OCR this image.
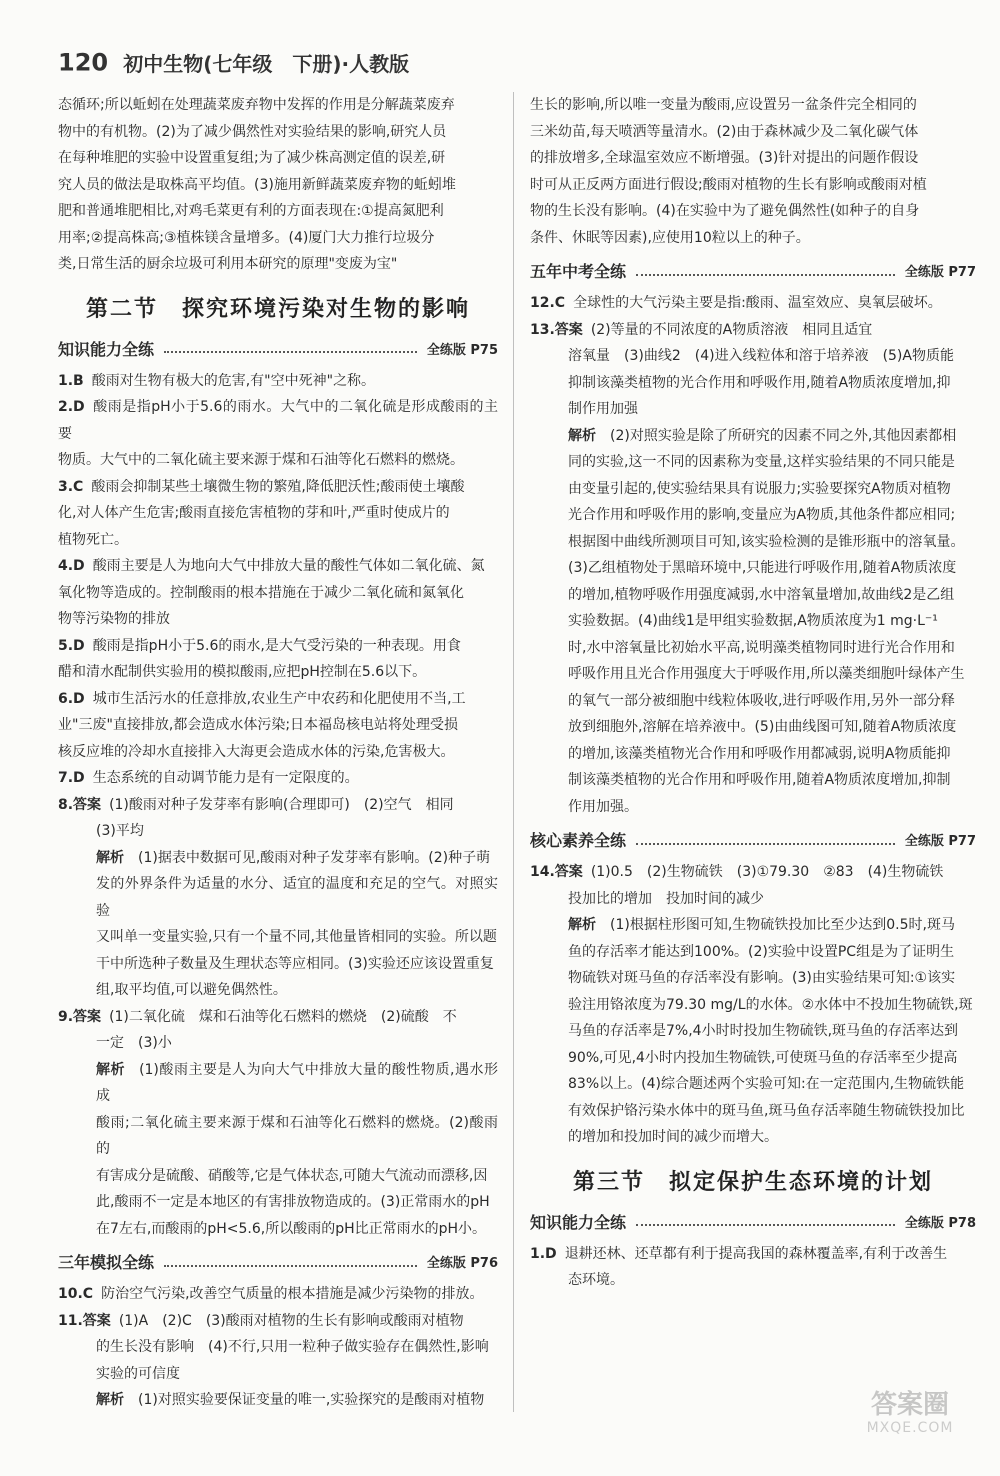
120 初中生物(七年级　下册)·人教版

态循环;所以蚯蚓在处理蔬菜废弃物中发挥的作用是分解蔬菜废弃

物中的有机物。(2)为了减少偶然性对实验结果的影响,研究人员

在每种堆肥的实验中设置重复组;为了减少株高测定值的误差,研

究人员的做法是取株高平均值。(3)施用新鲜蔬菜废弃物的蚯蚓堆

肥和普通堆肥相比,对鸡毛菜更有利的方面表现在:①提高氮肥利

用率;②提高株高;③植株镁含量增多。(4)厦门大力推行垃圾分

类,日常生活的厨余垃圾可利用本研究的原理"变废为宝"

第二节 探究环境污染对生物的影响
知识能力全练	全练版 P75

1.B 酸雨对生物有极大的危害,有"空中死神"之称。

2.D 酸雨是指pH小于5.6的雨水。大气中的二氧化硫是形成酸雨的主要

物质。大气中的二氧化硫主要来源于煤和石油等化石燃料的燃烧。

3.C 酸雨会抑制某些土壤微生物的繁殖,降低肥沃性;酸雨使土壤酸

化,对人体产生危害;酸雨直接危害植物的芽和叶,严重时使成片的

植物死亡。

4.D 酸雨主要是人为地向大气中排放大量的酸性气体如二氧化硫、氮

氧化物等造成的。控制酸雨的根本措施在于减少二氧化硫和氮氧化

物等污染物的排放

5.D 酸雨是指pH小于5.6的雨水,是大气受污染的一种表现。用食

醋和清水配制供实验用的模拟酸雨,应把pH控制在5.6以下。

6.D 城市生活污水的任意排放,农业生产中农药和化肥使用不当,工

业"三废"直接排放,都会造成水体污染;日本福岛核电站将处理受损

核反应堆的冷却水直接排入大海更会造成水体的污染,危害极大。

7.D 生态系统的自动调节能力是有一定限度的。

8.答案 (1)酸雨对种子发芽率有影响(合理即可)　(2)空气　相同

(3)平均

解析 (1)据表中数据可见,酸雨对种子发芽率有影响。(2)种子萌

发的外界条件为适量的水分、适宜的温度和充足的空气。对照实验

又叫单一变量实验,只有一个量不同,其他量皆相同的实验。所以题

干中所选种子数量及生理状态等应相同。(3)实验还应该设置重复

组,取平均值,可以避免偶然性。

9.答案 (1)二氧化硫　煤和石油等化石燃料的燃烧　(2)硫酸　不

一定　(3)小

解析 (1)酸雨主要是人为向大气中排放大量的酸性物质,遇水形成

酸雨;二氧化硫主要来源于煤和石油等化石燃料的燃烧。(2)酸雨的

有害成分是硫酸、硝酸等,它是气体状态,可随大气流动而漂移,因

此,酸雨不一定是本地区的有害排放物造成的。(3)正常雨水的pH

在7左右,而酸雨的pH<5.6,所以酸雨的pH比正常雨水的pH小。

三年模拟全练	全练版 P76

10.C 防治空气污染,改善空气质量的根本措施是减少污染物的排放。

11.答案 (1)A　(2)C　(3)酸雨对植物的生长有影响或酸雨对植物

的生长没有影响　(4)不行,只用一粒种子做实验存在偶然性,影响

实验的可信度

解析 (1)对照实验要保证变量的唯一,实验探究的是酸雨对植物

生长的影响,所以唯一变量为酸雨,应设置另一盆条件完全相同的

三米幼苗,每天喷洒等量清水。(2)由于森林减少及二氧化碳气体

的排放增多,全球温室效应不断增强。(3)针对提出的问题作假设

时可从正反两方面进行假设;酸雨对植物的生长有影响或酸雨对植

物的生长没有影响。(4)在实验中为了避免偶然性(如种子的自身

条件、休眠等因素),应使用10粒以上的种子。

五年中考全练	全练版 P77

12.C 全球性的大气污染主要是指:酸雨、温室效应、臭氧层破坏。

13.答案 (2)等量的不同浓度的A物质溶液　相同且适宜

溶氧量　(3)曲线2　(4)进入线粒体和溶于培养液　(5)A物质能

抑制该藻类植物的光合作用和呼吸作用,随着A物质浓度增加,抑

制作用加强

解析 (2)对照实验是除了所研究的因素不同之外,其他因素都相

同的实验,这一不同的因素称为变量,这样实验结果的不同只能是

由变量引起的,使实验结果具有说服力;实验要探究A物质对植物

光合作用和呼吸作用的影响,变量应为A物质,其他条件都应相同;

根据图中曲线所测项目可知,该实验检测的是锥形瓶中的溶氧量。

(3)乙组植物处于黑暗环境中,只能进行呼吸作用,随着A物质浓度

的增加,植物呼吸作用强度减弱,水中溶氧量增加,故曲线2是乙组

实验数据。(4)曲线1是甲组实验数据,A物质浓度为1 mg·L⁻¹

时,水中溶氧量比初始水平高,说明藻类植物同时进行光合作用和

呼吸作用且光合作用强度大于呼吸作用,所以藻类细胞叶绿体产生

的氧气一部分被细胞中线粒体吸收,进行呼吸作用,另外一部分释

放到细胞外,溶解在培养液中。(5)由曲线图可知,随着A物质浓度

的增加,该藻类植物光合作用和呼吸作用都减弱,说明A物质能抑

制该藻类植物的光合作用和呼吸作用,随着A物质浓度增加,抑制

作用加强。

核心素养全练	全练版 P77

14.答案 (1)0.5　(2)生物硫铁　(3)①79.30　②83　(4)生物硫铁

投加比的增加　投加时间的减少

解析 (1)根据柱形图可知,生物硫铁投加比至少达到0.5时,斑马

鱼的存活率才能达到100%。(2)实验中设置PC组是为了证明生

物硫铁对斑马鱼的存活率没有影响。(3)由实验结果可知:①该实

验注用铬浓度为79.30 mg/L的水体。②水体中不投加生物硫铁,斑

马鱼的存活率是7%,4小时时投加生物硫铁,斑马鱼的存活率达到

90%,可见,4小时内投加生物硫铁,可使斑马鱼的存活率至少提高

83%以上。(4)综合题述两个实验可知:在一定范围内,生物硫铁能

有效保护铬污染水体中的斑马鱼,斑马鱼存活率随生物硫铁投加比

的增加和投加时间的减少而增大。

第三节 拟定保护生态环境的计划
知识能力全练	全练版 P78

1.D 退耕还林、还草都有利于提高我国的森林覆盖率,有利于改善生

态环境。

答案圈
MXQE.COM
